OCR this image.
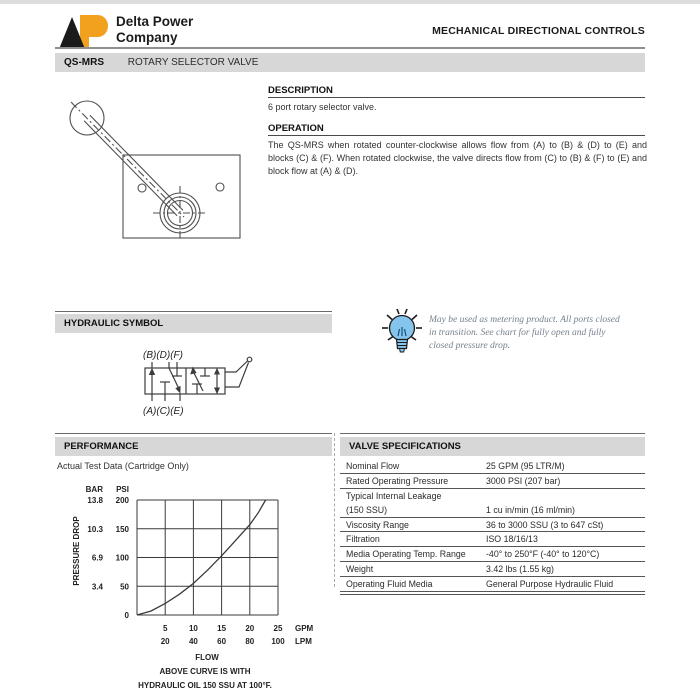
Delta Power
Company	MECHANICAL DIRECTIONAL CONTROLS
QS-MRS ROTARY SELECTOR VALVE
DESCRIPTION
6 port rotary selector valve.
OPERATION
The QS-MRS when rotated counter-clockwise allows flow from (A) to (B) & (D) to (E) and blocks (C) & (F). When rotated clockwise, the valve directs flow from (C) to (B) & (F) to (E) and block flow at (A) & (D).
HYDRAULIC SYMBOL
(B)(D)(F)
(A)(C)(E)
May be used as metering product. All ports closed
in transition. See chart for fully open and fully
closed pressure drop.
PERFORMANCE
Actual Test Data (Cartridge Only)
BAR PSI
13.8
10.3
6.9
3.4
200
150
100
50
0
PRESSURE DROP
5	10 15 20 25
20 40 60 80 100
GPM
LPM
FLOW
ABOVE CURVE IS WITH
HYDRAULIC OIL 150 SSU AT 100°F.
VALVE SPECIFICATIONS
Nominal Flow	25 GPM (95 LTR/M)
Rated Operating Pressure	3000 PSI (207 bar)
Typical Internal Leakage
(150 SSU)	1 cu in/min (16 ml/min)
Viscosity Range	36 to 3000 SSU (3 to 647 cSt)
Filtration	ISO 18/16/13
Media Operating Temp. Range	-40° to 250°F (-40° to 120°C)
Weight	3.42 lbs (1.55 kg)
Operating Fluid Media	General Purpose Hydraulic Fluid
